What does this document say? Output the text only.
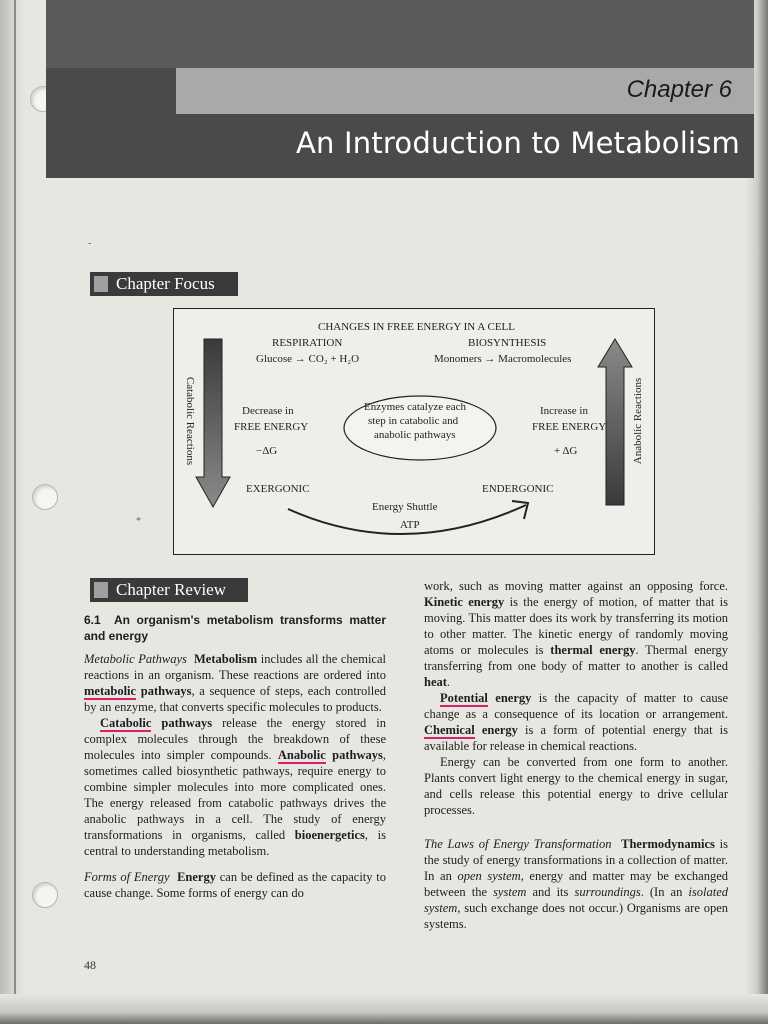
Chapter 6
An Introduction to Metabolism
-
Chapter Focus
CHANGES IN FREE ENERGY IN A CELL
RESPIRATION
Glucose → CO₂ + H₂O
BIOSYNTHESIS
Monomers → Macromolecules
Catabolic Reactions	Anabolic Reactions
Decrease in
FREE ENERGY
−ΔG
Increase in
FREE ENERGY
+ ΔG
Enzymes catalyze each
step in catabolic and
anabolic pathways
EXERGONIC	ENDERGONIC
Energy Shuttle
ATP
*
Chapter Review

6.1 An organism's metabolism transforms matter and energy

Metabolic Pathways Metabolism includes all the chemical reactions in an organism. These reactions are ordered into metabolic pathways, a sequence of steps, each controlled by an enzyme, that converts specific molecules to products.

Catabolic pathways release the energy stored in complex molecules through the breakdown of these molecules into simpler compounds. Anabolic pathways, sometimes called biosynthetic pathways, require energy to combine simpler molecules into more complicated ones. The energy released from catabolic pathways drives the anabolic pathways in a cell. The study of energy transformations in organisms, called bioenergetics, is central to understanding metabolism.

Forms of Energy Energy can be defined as the capacity to cause change. Some forms of energy can do

work, such as moving matter against an opposing force. Kinetic energy is the energy of motion, of matter that is moving. This matter does its work by transferring its motion to other matter. The kinetic energy of randomly moving atoms or molecules is thermal energy. Thermal energy transferring from one body of matter to another is called heat.

Potential energy is the capacity of matter to cause change as a consequence of its location or arrangement. Chemical energy is a form of potential energy that is available for release in chemical reactions.

Energy can be converted from one form to another. Plants convert light energy to the chemical energy in sugar, and cells release this potential energy to drive cellular processes.

The Laws of Energy Transformation Thermodynamics is the study of energy transformations in a collection of matter. In an open system, energy and matter may be exchanged between the system and its surroundings. (In an isolated system, such exchange does not occur.) Organisms are open systems.

48
